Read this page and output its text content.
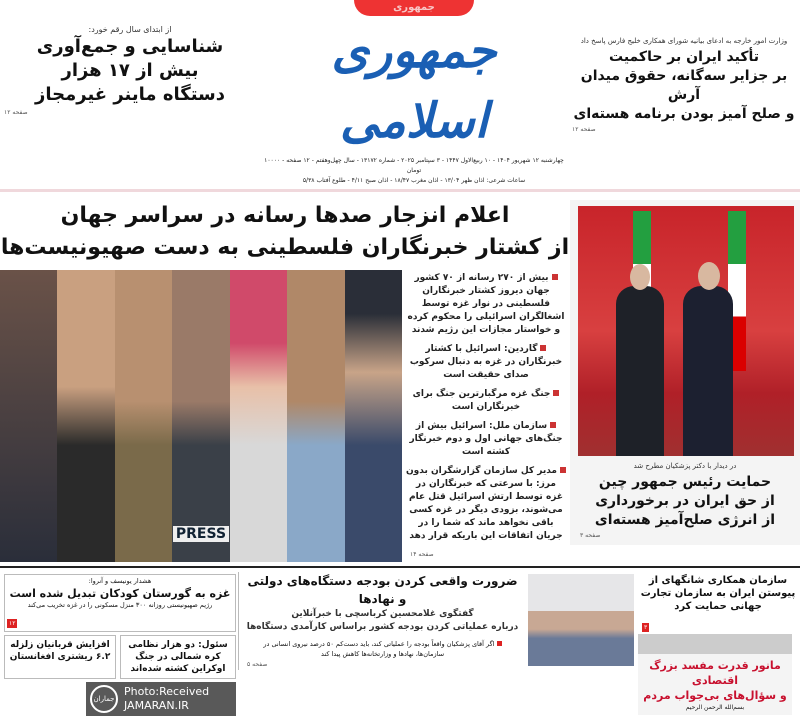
وزارت امور خارجه به ادعای بیانیه شورای همکاری خلیج فارس پاسخ داد
تأکید ایران بر حاکمیت
بر جزایر سه‌گانه، حقوق میدان آرش
و صلح آمیز بودن برنامه هسته‌ای
صفحه ۱۲
جمهوری
جمهوری اسلامی
چهارشنبه ۱۲ شهریور ۱۴۰۴ - ۱۰ ربیع‌الاول ۱۴۴۷ - ۳ سپتامبر ۲۰۲۵ - شماره ۱۳۱۷۲ - سال چهل‌وهفتم - ۱۲ صفحه - ۱۰۰۰۰ تومان
ساعات شرعی: اذان ظهر ۱۳/۰۴ - اذان مغرب ۱۸/۴۷ - اذان صبح ۴/۱۱ - طلوع آفتاب ۵/۳۸
از ابتدای سال رقم خورد:
شناسایی و جمع‌آوری
بیش از ۱۷ هزار
دستگاه ماینر غیرمجاز
صفحه ۱۲
در دیدار با دکتر پزشکیان مطرح شد
حمایت رئیس جمهور چین
از حق ایران در برخورداری
از انرژی صلح‌آمیز هسته‌ای
صفحه ۳
اعلام انزجار صدها رسانه در سراسر جهان
از کشتار خبرنگاران فلسطینی به دست صهیونیست‌ها
بیش از ۲۷۰ رسانه از ۷۰ کشور جهان دیروز کشتار خبرنگاران فلسطینی در نوار غزه توسط اشغالگران اسرائیلی را محکوم کرده و خواستار مجازات این رژیم شدند
گاردین: اسرائیل با کشتار خبرنگاران در غزه به دنبال سرکوب صدای حقیقت است
جنگ غزه مرگبارترین جنگ برای خبرنگاران است
سازمان ملل: اسرائیل بیش از جنگ‌های جهانی اول و دوم خبرنگار کشته است
مدیر کل سازمان گزارشگران بدون مرز: با سرعتی که خبرنگاران در غزه توسط ارتش اسرائیل قتل عام می‌شوند، بزودی دیگر در غزه کسی باقی نخواهد ماند که شما را در جریان اتفاقات این باریکه قرار دهد
صفحه ۱۴
PRESS
سازمان همکاری شانگهای از پیوستن ایران به سازمان تجارت جهانی حمایت کرد
۳
مانور قدرت مفسد بزرگ اقتصادی
و سؤال‌های بی‌جواب مردم
بسم‌الله الرحمن الرحیم
ضرورت واقعی کردن بودجه دستگاه‌های دولتی و نهادها
گفتگوی غلامحسین کرباسچی با خبرآنلاین
درباره عملیاتی کردن بودجه کشور براساس کارآمدی دستگاه‌ها
اگر آقای پزشکیان واقعاً بودجه را عملیاتی کند، باید دست‌کم ۵۰ درصد نیروی انسانی در سازمان‌ها، نهادها و وزارتخانه‌ها کاهش پیدا کند
صفحه ۵
هشدار یونیسف و آنروا:
غزه به گورستان کودکان تبدیل شده است
رژیم صهیونیستی روزانه ۳۰۰ منزل مسکونی را در غزه تخریب می‌کند
۱۲
سئول: دو هزار نظامی کره شمالی در جنگ اوکراین کشته شده‌اند
افزایش قربانیان زلزله ۶.۲ ریشتری افغانستان
جماران
Photo:Received
JAMARAN.IR
